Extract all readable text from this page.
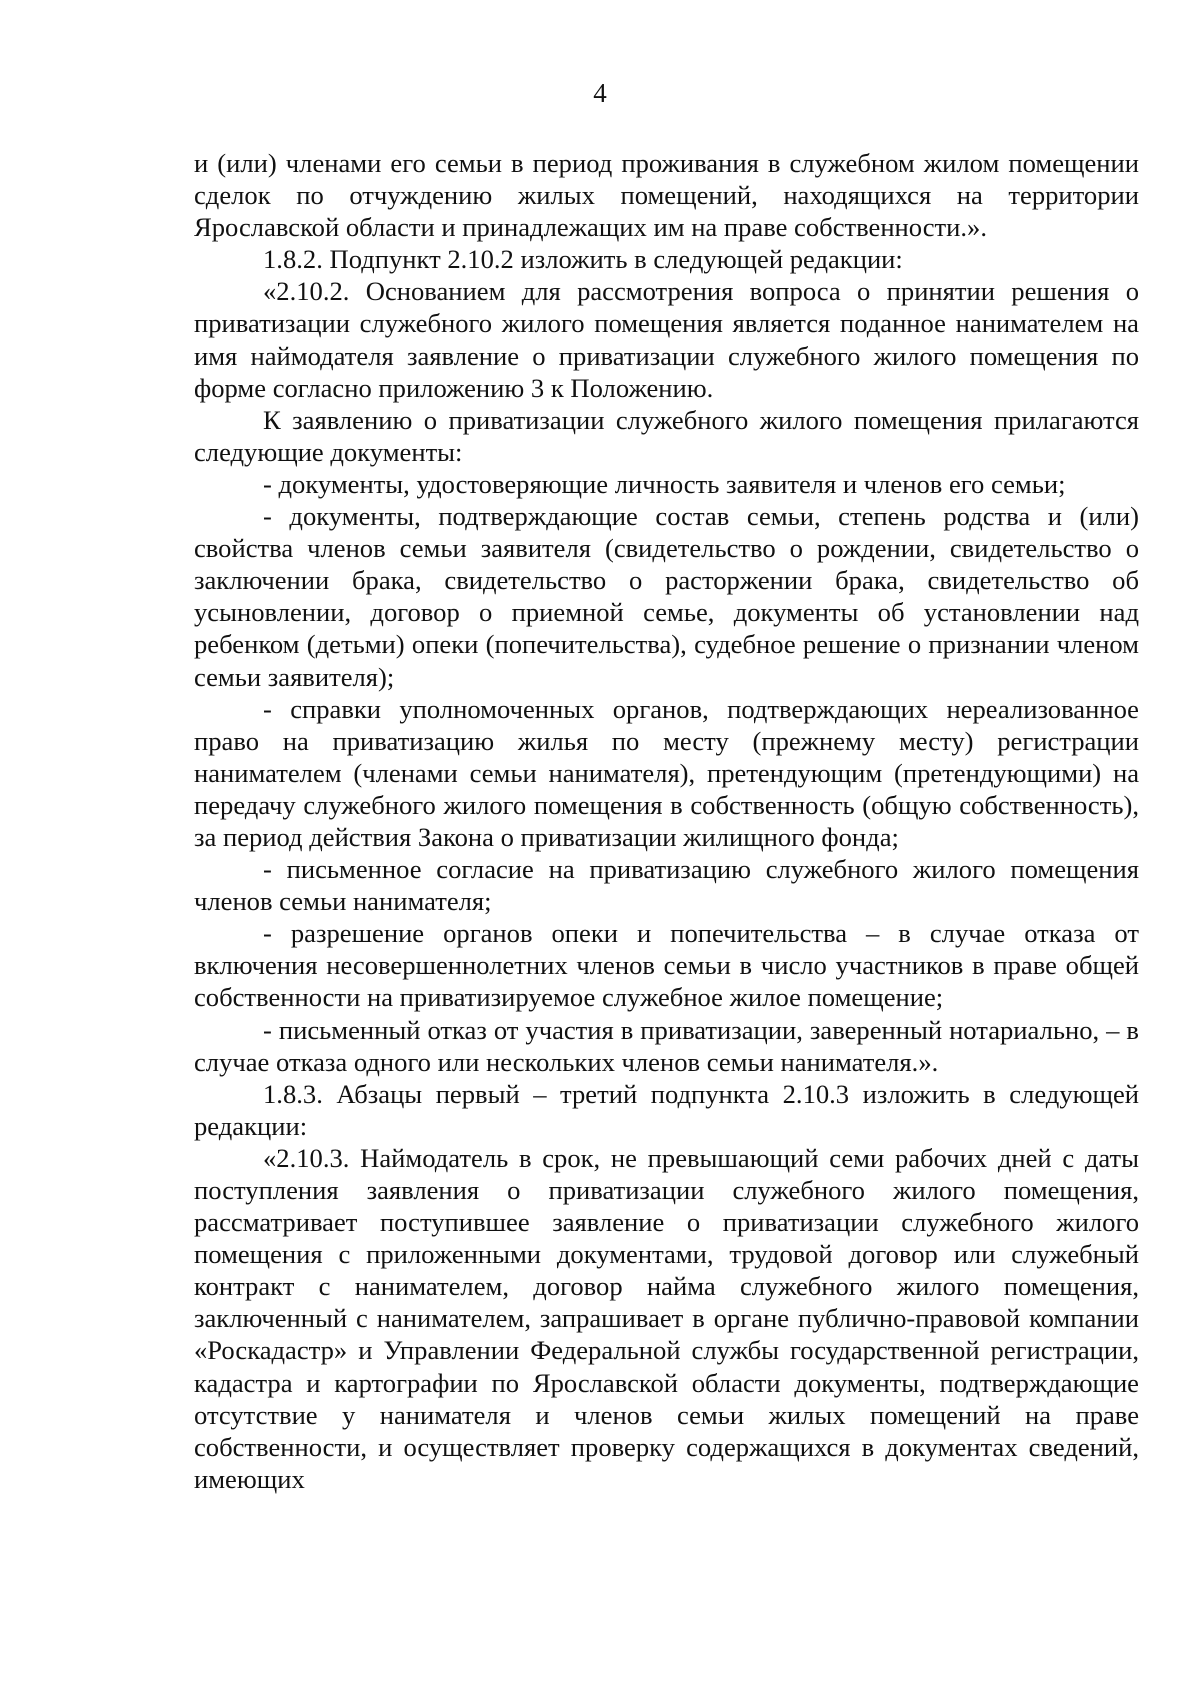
4

и (или) членами его семьи в период проживания в служебном жилом помещении сделок по отчуждению жилых помещений, находящихся на территории Ярославской области и принадлежащих им на праве собственности.».

1.8.2. Подпункт 2.10.2 изложить в следующей редакции:

«2.10.2. Основанием для рассмотрения вопроса о принятии решения о приватизации служебного жилого помещения является поданное нанимателем на имя наймодателя заявление о приватизации служебного жилого помещения по форме согласно приложению 3 к Положению.

К заявлению о приватизации служебного жилого помещения прилагаются следующие документы:

- документы, удостоверяющие личность заявителя и членов его семьи;

- документы, подтверждающие состав семьи, степень родства и (или) свойства членов семьи заявителя (свидетельство о рождении, свидетельство о заключении брака, свидетельство о расторжении брака, свидетельство об усыновлении, договор о приемной семье, документы об установлении над ребенком (детьми) опеки (попечительства), судебное решение о признании членом семьи заявителя);

- справки уполномоченных органов, подтверждающих нереализованное право на приватизацию жилья по месту (прежнему месту) регистрации нанимателем (членами семьи нанимателя), претендующим (претендующими) на передачу служебного жилого помещения в собственность (общую собственность), за период действия Закона о приватизации жилищного фонда;

- письменное согласие на приватизацию служебного жилого помещения членов семьи нанимателя;

- разрешение органов опеки и попечительства – в случае отказа от включения несовершеннолетних членов семьи в число участников в праве общей собственности на приватизируемое служебное жилое помещение;

- письменный отказ от участия в приватизации, заверенный нотариально, – в случае отказа одного или нескольких членов семьи нанимателя.».

1.8.3. Абзацы первый – третий подпункта 2.10.3 изложить в следующей редакции:

«2.10.3. Наймодатель в срок, не превышающий семи рабочих дней с даты поступления заявления о приватизации служебного жилого помещения, рассматривает поступившее заявление о приватизации служебного жилого помещения с приложенными документами, трудовой договор или служебный контракт с нанимателем, договор найма служебного жилого помещения, заключенный с нанимателем, запрашивает в органе публично-правовой компании «Роскадастр» и Управлении Федеральной службы государственной регистрации, кадастра и картографии по Ярославской области документы, подтверждающие отсутствие у нанимателя и членов семьи жилых помещений на праве собственности, и осуществляет проверку содержащихся в документах сведений, имеющих
